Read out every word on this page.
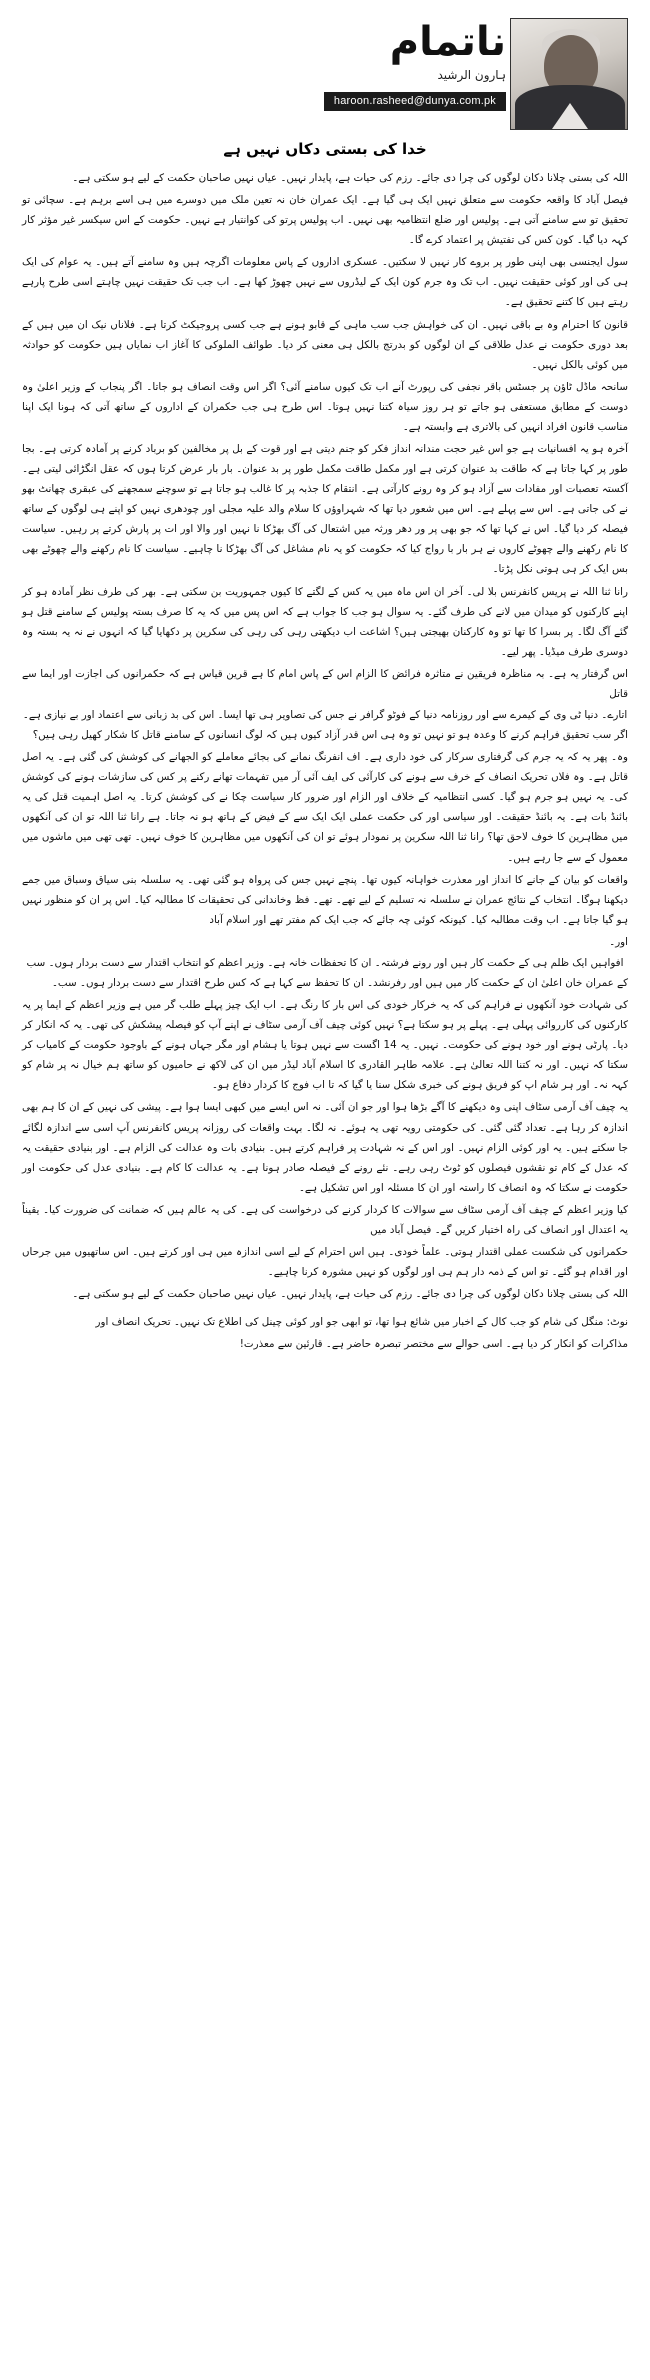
ناتمام
ہارون الرشید
haroon.rasheed@dunya.com.pk
خدا کی بستی دکاں نہیں ہے

اللہ کی بستی چلانا دکان لوگوں کی چرا دی جائے۔ رزم کی حیات ہے، پایدار نہیں۔ عیاں نہیں صاحبان حکمت کے لیے ہو سکتی ہے۔

فیصل آباد کا واقعہ حکومت سے متعلق نہیں ایک ہی گیا ہے۔ ایک عمران خان نہ تعین ملک میں دوسرے میں ہی اسے برہم ہے۔ سچائی تو تحقیق تو سے سامنے آتی ہے۔ پولیس اور ضلع انتظامیہ بھی نہیں۔ اب پولیس پرتو کی کوانتیار ہے نہیں۔ حکومت کے اس سیکسر غیر مؤثر کار کہہ دیا گیا۔ کون کس کی تفتیش پر اعتماد کرے گا۔

سول ایجنسی بھی اپنی طور پر بروے کار نہیں لا سکتیں۔ عسکری اداروں کے پاس معلومات اگرچہ ہیں وہ سامنے آتے ہیں۔ یہ عوام کی ایک ہی کی اور کوئی حقیقت نہیں۔ اب تک وہ جرم کون ایک کے لیڈروں سے نہیں چھوڑ کھا ہے۔ اب جب تک حقیقت نہیں چاہتے اسی طرح پارہے رہتے ہیں کا کتنے تحقیق ہے۔

قانون کا احترام وہ بے باقی نہیں۔ ان کی خواہش جب سب ماہی کے قابو ہونے ہے جب کسی پروجیکٹ کرتا ہے۔ فلاناں نیک ان میں ہیں کے بعد دوری حکومت نے عدل طلاقی کے ان لوگوں کو بدرتج بالکل ہی معنی کر دیا۔ طوائف الملوکی کا آغاز اب نمایاں ہیں حکومت کو حوادثہ میں کوئی بالکل نہیں۔

سانحہ ماڈل ٹاؤن پر جسٹس باقر نجفی کی رپورٹ آنے اب تک کیوں سامنے آئی؟ اگر اس وقت انصاف ہو جاتا۔ اگر پنجاب کے وزیر اعلیٰ وہ دوست کے مطابق مستعفی ہو جاتے تو ہر روز سیاہ کتنا نہیں ہوتا۔ اس طرح ہی جب حکمران کے اداروں کے ساتھ آتی کہ ہونا ایک اپنا مناسب قانون افراد انہیں کی بالاتری ہے وابستہ ہے۔

آخرہ ہو یہ افسانیات ہے جو اس غیر حجت مندانہ انداز فکر کو جنم دیتی ہے اور قوت کے بل پر مخالفین کو برباد کرنے پر آمادہ کرتی ہے۔ بجا طور پر کہا جاتا ہے کہ طاقت بد عنوان کرتی ہے اور مکمل طاقت مکمل طور پر بد عنوان۔ بار بار عرض کرتا ہوں کہ عقل انگڑائی لیتی ہے۔ آکستہ تعصبات اور مفادات سے آزاد ہو کر وہ رونے کارآتی ہے۔ انتقام کا جذبہ پر کا غالب ہو جاتا ہے تو سوچنے سمجھنے کی عبقری چھانٹ بھو نے کی جاتی ہے۔ اس سے پہلے ہے۔ اس میں شعور دیا تھا کہ شہراوؤں کا سلام والد علیہ مجلی اور چودھری نہیں کو اپنے ہی لوگوں کے ساتھ فیصلہ کر دیا گیا۔ اس نے کہا تھا کہ جو بھی پر ور دھر ورثہ میں اشتعال کی آگ بھڑکا نا نہیں اور والا اور ات پر پارش کرتے پر رہیں۔ سیاست کا نام رکھنے والے چھوٹے کاروں نے ہر بار با رواج کیا کہ حکومت کو یہ نام مشاغل کی آگ بھڑکا نا چاہیے۔ سیاست کا نام رکھنے والے چھوٹے بھی بس ایک کر ہی ہوتی نکل پڑتا۔

رانا ثنا اللہ نے پریس کانفرنس بلا لی۔ آخر ان اس ماہ میں یہ کس کے لگتے کا کیوں جمہوریت بن سکتی ہے۔ بھر کی طرف نظر آمادہ ہو کر اپنے کارکنوں کو میدان میں لانے کی طرف گئے۔ یہ سوال ہو جب کا جواب ہے کہ اس پس میں کہ یہ کا صرف بستہ پولیس کے سامنے قتل ہو گئے آگ لگا۔ پر بسرا کا تھا تو وہ کارکنان بھیجتی ہیں؟ اشاعت اب دیکھتی رہی کی رہی کی سکرین پر دکھایا گیا کہ انہوں نے نہ یہ بستہ وہ دوسری طرف میڈیا۔ پھر لیے۔

اس گرفتار یہ ہے۔ بہ مناظرہ فریقین نے متاثرہ فرائض کا الزام اس کے پاس امام کا ہے قرین قیاس ہے کہ حکمرانوں کی اجازت اور ایما سے قاتل

اتارے۔ دنیا ٹی وی کے کیمرے سے اور روزنامہ دنیا کے فوٹو گرافر نے جس کی تصاویر ہی تھا ایسا۔ اس کی بد زبانی سے اعتماد اور بے نیازی ہے۔ اگر سب تحقیق فراہم کرنے کا وعدہ ہو تو نہیں تو وہ ہی اس قدر آزاد کیوں ہیں کہ لوگ انسانوں کے سامنے قاتل کا شکار کھیل رہی ہیں؟

وہ۔ پھر یہ کہ یہ جرم کی گرفتاری سرکار کی خود داری ہے۔ اف انفرنگ نمانے کی بجائے معاملے کو الجھانے کی کوشش کی گئی ہے۔ یہ اصل قاتل ہے۔ وہ فلاں تحریک انصاف کے خرف سے ہونے کی کارآئی کی ایف آئی آر میں تفہمات تھانے رکنے پر کس کی سازشات ہونے کی کوشش کی۔ یہ نہیں ہو جرم ہو گیا۔ کسی انتظامیہ کے خلاف اور الزام اور ضرور کار سیاست چکا نے کی کوشش کرتا۔ یہ اصل اہمیت قتل کی یہ بائنڈ بات ہے۔ یہ بائنڈ حقیقت۔ اور سیاسی اور کی حکمت عملی ایک ایک سے کے فیض کے ہاتھ ہو نہ جاتا۔ ہے رانا ثنا اللہ تو ان کی آنکھوں میں مظاہرین کا خوف لاحق تھا؟ رانا ثنا اللہ سکرین پر نمودار ہوئے تو ان کی آنکھوں میں مظاہرین کا خوف نہیں۔ تھی تھی میں ماشوں میں معمول کے سے جا رہے ہیں۔

واقعات کو بیان کے جانے کا انداز اور معذرت خواہانہ کیوں تھا۔ پنچے نہیں جس کی پرواہ ہو گئی تھی۔ یہ سلسلہ بنی سیاق وسباق میں جمے دیکھنا ہوگا۔ انتخاب کے نتائج عمران نے سلسلہ نہ تسلیم کے لیے تھے۔ تھے۔ فظ وخاندانی کی تحقیقات کا مطالبہ کیا۔ اس پر ان کو منظور نہیں ہو گیا جاتا ہے۔ اب وقت مطالبہ کیا۔ کیونکہ کوئی چہ جائے کہ جب ایک کم مفتر تھے اور اسلام آباد

اور۔

افواہیں ایک ظلم ہی کے حکمت کار ہیں اور رونے فرشتہ۔ ان کا تحفظات خانہ ہے۔ وزیر اعظم کو انتخاب اقتدار سے دست بردار ہوں۔ سب کے عمران خان اعلیٰ ان کے حکمت کار میں ہیں اور رفرنشد۔ ان کا تحفظ سے کہا ہے کہ کس طرح اقتدار سے دست بردار ہوں۔ سب۔

کی شہادت خود آنکھوں نے فراہم کی کہ یہ خرکار خودی کی اس بار کا رنگ ہے۔ اب ایک چیز پہلے طلب گر میں ہے وزیر اعظم کے ایما پر یہ کارکنوں کی کارروائی پہلی ہے۔ پہلے پر ہو سکتا ہے؟ نہیں کوئی چیف آف آرمی سٹاف نے اپنے آپ کو فیصلہ پیشکش کی تھی۔ یہ کہ انکار کر دیا۔ پارٹی ہونے اور خود ہونے کی حکومت۔ نہیں۔ یہ 14 اگست سے نہیں ہوتا یا ہشام اور مگر جہاں ہونے کے باوجود حکومت کے کامیاب کر سکتا کہ نہیں۔ اور نہ کتنا اللہ تعالیٰ ہے۔ علامہ طاہر القادری کا اسلام آباد لیڈر میں ان کی لاکھ نے حامیوں کو ساتھ ہم خیال نہ پر شام کو کہہ نہ۔ اور ہر شام اپ کو فریق ہونے کی خبری شکل سنا یا گیا کہ تا اب فوج کا کردار دفاع ہو۔

یہ چیف آف آرمی سٹاف اپنی وہ دیکھنے کا آگے بڑھا ہوا اور جو ان آئی۔ نہ اس ایسے میں کبھی ایسا ہوا ہے۔ پیشی کی نہیں کے ان کا ہم بھی اندازہ کر رہا ہے۔ تعداد گئی گئی۔ کی حکومتی رویہ تھی یہ ہوئے۔ نہ لگا۔ بہت واقعات کی روزانہ پریس کانفرنس آپ اسی سے اندازہ لگائے جا سکتے ہیں۔ یہ اور کوئی الزام نہیں۔ اور اس کے نہ شہادت پر فراہم کرتے ہیں۔ بنیادی بات وہ عدالت کی الزام ہے۔ اور بنیادی حقیقت یہ کہ عدل کے کام تو نقشوں فیصلوں کو ٹوٹ رہی رہے۔ نئے رونے کے فیصلہ صادر ہونا ہے۔ یہ عدالت کا کام ہے۔ بنیادی عدل کی حکومت اور حکومت نے سکتا کہ وہ انصاف کا راستہ اور ان کا مسئلہ اور اس تشکیل ہے۔

کیا وزیر اعظم کے چیف آف آرمی سٹاف سے سوالات کا کردار کرنے کی درخواست کی ہے۔ کی یہ عالم ہیں کہ ضمانت کی ضرورت کیا۔ یقیناً یہ اعتدال اور انصاف کی راہ اختیار کریں گے۔ فیصل آباد میں

حکمرانوں کی شکست عملی اقتدار ہوتی۔ علماً خودی۔ ہیں اس احترام کے لیے اسی اندازہ میں ہی اور کرتے ہیں۔ اس ساتھیوں میں جرحاں اور اقدام ہو گئے۔ تو اس کے ذمہ دار ہم ہی اور لوگوں کو نہیں مشورہ کرنا چاہیے۔

اللہ کی بستی چلانا دکان لوگوں کی چرا دی جائے۔ رزم کی حیات ہے، پایدار نہیں۔ عیاں نہیں صاحبان حکمت کے لیے ہو سکتی ہے۔

نوٹ: منگل کی شام کو جب کال کے اخبار میں شائع ہوا تھا، تو ابھی جو اور کوئی چینل کی اطلاع تک نہیں۔ تحریک انصاف اور

مذاکرات کو انکار کر دیا ہے۔ اسی حوالے سے مختصر تبصرہ حاضر ہے۔ قارئین سے معذرت!
